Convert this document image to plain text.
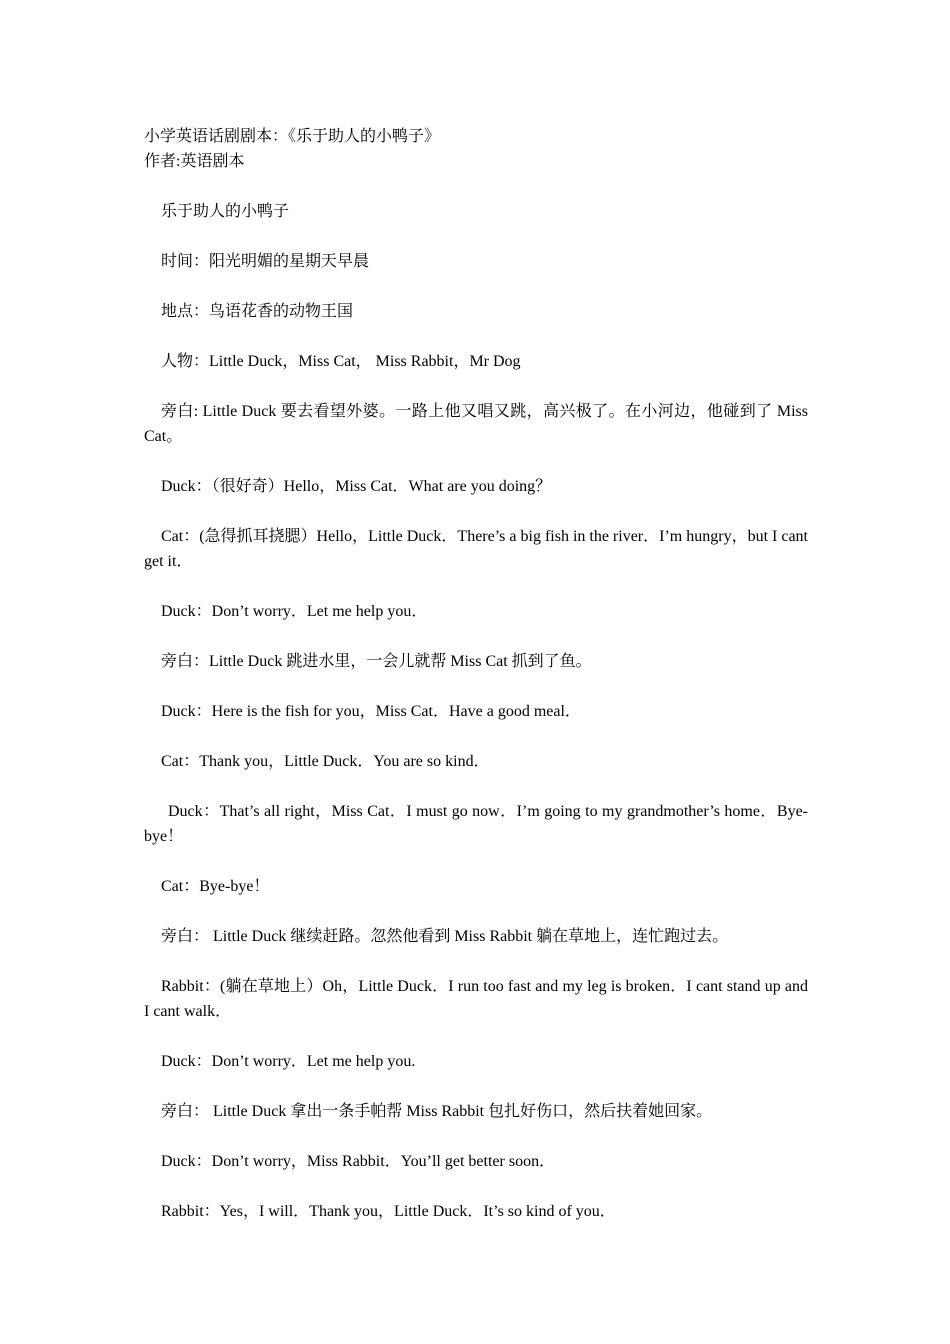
小学英语话剧剧本：《乐于助人的小鸭子》

作者:英语剧本

乐于助人的小鸭子

时间：阳光明媚的星期天早晨

地点：鸟语花香的动物王国

人物：Little Duck，Miss Cat， Miss Rabbit，Mr Dog

旁白: Little Duck 要去看望外婆。一路上他又唱又跳，高兴极了。在小河边，他碰到了 Miss Cat。

Duck：（很好奇）Hello，Miss Cat．What are you doing？

Cat：(急得抓耳挠腮）Hello，Little Duck．There’s a big fish in the river．I’m hungry，but I cant get it．

Duck：Don’t worry．Let me help you．

旁白：Little Duck 跳进水里，一会儿就帮 Miss Cat 抓到了鱼。

Duck：Here is the fish for you，Miss Cat．Have a good meal．

Cat：Thank you，Little Duck．You are so kind．

Duck：That’s all right，Miss Cat．I must go now．I’m going to my grandmother’s home．Bye-bye！

Cat：Bye-bye！

旁白： Little Duck 继续赶路。忽然他看到 Miss Rabbit 躺在草地上，连忙跑过去。

Rabbit：(躺在草地上）Oh，Little Duck．I run too fast and my leg is broken．I cant stand up and I cant walk．

Duck：Don’t worry．Let me help you.

旁白： Little Duck 拿出一条手帕帮 Miss Rabbit 包扎好伤口，然后扶着她回家。

Duck：Don’t worry，Miss Rabbit．You’ll get better soon．

Rabbit：Yes，I will．Thank you，Little Duck．It’s so kind of you．
